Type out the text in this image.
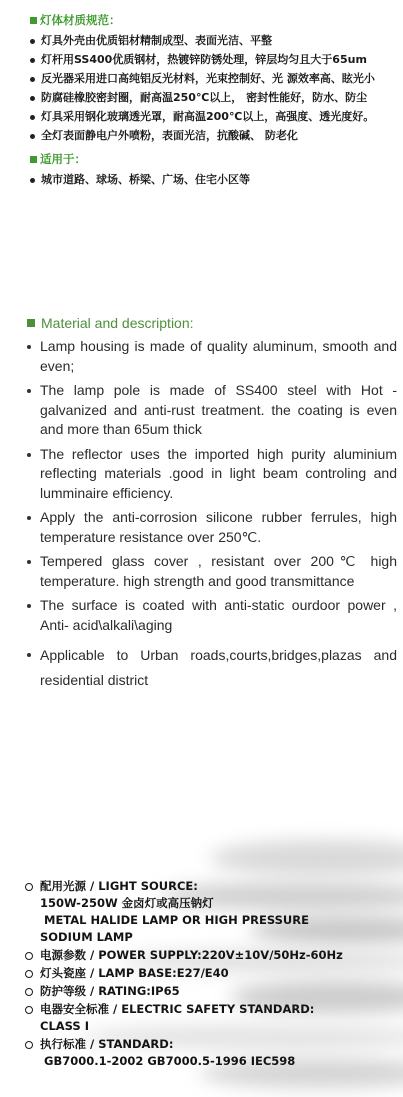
灯体材质规范：
灯具外壳由优质铝材精制成型、表面光洁、平整
灯杆用SS400优质钢材，热镀锌防锈处理，锌层均匀且大于65um
反光器采用进口高纯铝反光材料，光束控制好、光 源效率高、眩光小
防腐硅橡胶密封圈，耐高温250℃以上， 密封性能好，防水、防尘
灯具采用钢化玻璃透光罩，耐高温200℃以上，高强度、透光度好。
全灯表面静电户外喷粉，表面光洁，抗酸碱、 防老化
适用于：
城市道路、球场、桥梁、广场、住宅小区等
Material and description:
Lamp housing is made of quality aluminum, smooth and even;
The lamp pole is made of SS400 steel with Hot -galvanized and anti-rust treatment. the coating is even and more than 65um thick
The reflector uses the imported high purity aluminium reflecting materials .good in light beam controling and lumminaire efficiency.
Apply the anti-corrosion silicone rubber ferrules, high temperature resistance over 250℃.
Tempered glass cover , resistant over 200℃ high temperature. high strength and good transmittance
The surface is coated with anti-static ourdoor power , Anti- acid\alkali\aging
Applicable to Urban roads,courts,bridges,plazas and residential district
配用光源 / LIGHT SOURCE:
150W-250W 金卤灯或高压钠灯
METAL HALIDE LAMP OR HIGH PRESSURE
SODIUM LAMP
电源参数 / POWER SUPPLY:220V±10V/50Hz-60Hz
灯头瓷座 / LAMP BASE:E27/E40
防护等级 / RATING:IP65
电器安全标准 / ELECTRIC SAFETY STANDARD:
CLASS Ⅰ
执行标准 / STANDARD:
GB7000.1-2002 GB7000.5-1996 IEC598
